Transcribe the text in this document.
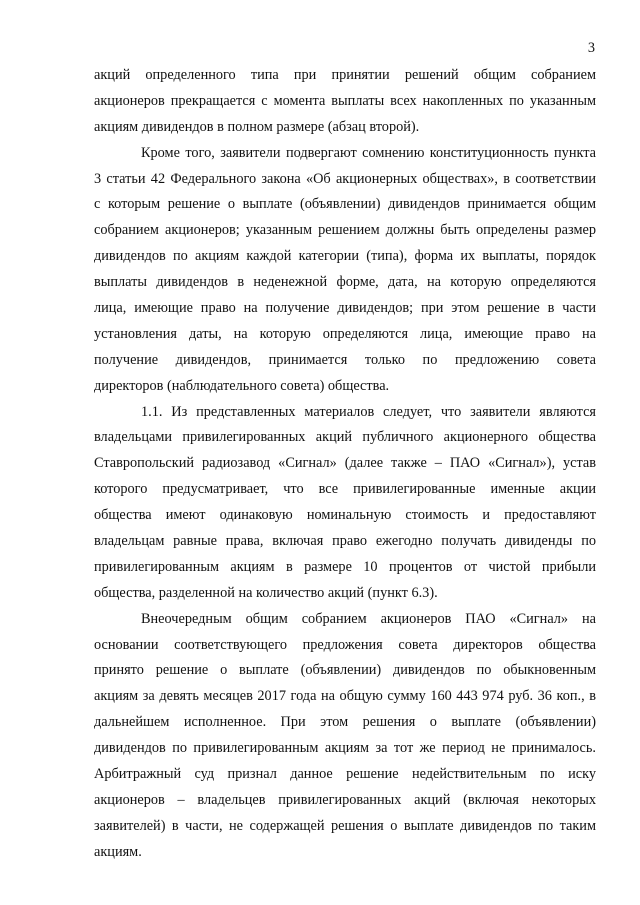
3
акций определенного типа при принятии решений общим собранием
акционеров прекращается с момента выплаты всех накопленных по указанным
акциям дивидендов в полном размере (абзац второй).
Кроме того, заявители подвергают сомнению конституционность пункта
3 статьи 42 Федерального закона «Об акционерных обществах», в соответствии
с которым решение о выплате (объявлении) дивидендов принимается общим
собранием акционеров; указанным решением должны быть определены размер
дивидендов по акциям каждой категории (типа), форма их выплаты, порядок
выплаты дивидендов в неденежной форме, дата, на которую определяются
лица, имеющие право на получение дивидендов; при этом решение в части
установления даты, на которую определяются лица, имеющие право на
получение дивидендов, принимается только по предложению совета
директоров (наблюдательного совета) общества.
1.1. Из представленных материалов следует, что заявители являются
владельцами привилегированных акций публичного акционерного общества
Ставропольский радиозавод «Сигнал» (далее также – ПАО «Сигнал»), устав
которого предусматривает, что все привилегированные именные акции
общества имеют одинаковую номинальную стоимость и предоставляют
владельцам равные права, включая право ежегодно получать дивиденды по
привилегированным акциям в размере 10 процентов от чистой прибыли
общества, разделенной на количество акций (пункт 6.3).
Внеочередным общим собранием акционеров ПАО «Сигнал» на
основании соответствующего предложения совета директоров общества
принято решение о выплате (объявлении) дивидендов по обыкновенным
акциям за девять месяцев 2017 года на общую сумму 160 443 974 руб. 36 коп., в
дальнейшем исполненное. При этом решения о выплате (объявлении)
дивидендов по привилегированным акциям за тот же период не принималось.
Арбитражный суд признал данное решение недействительным по иску
акционеров – владельцев привилегированных акций (включая некоторых
заявителей) в части, не содержащей решения о выплате дивидендов по таким
акциям.
